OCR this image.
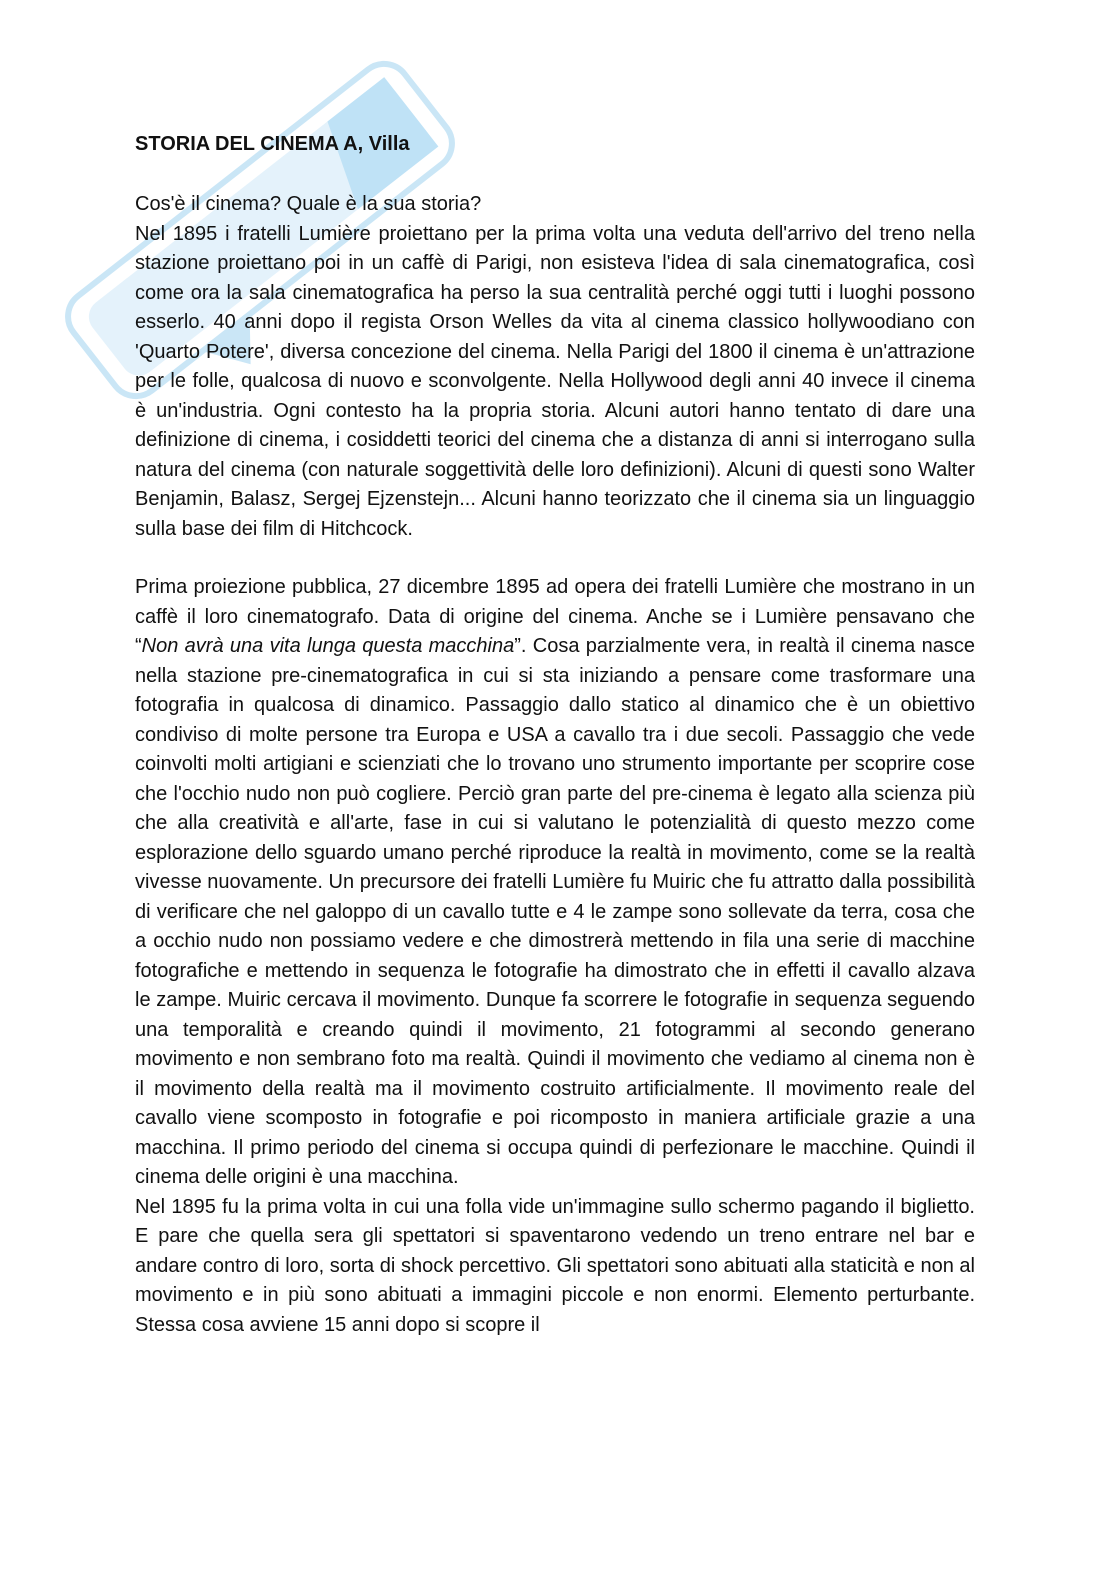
STORIA DEL CINEMA A, Villa

Cos'è il cinema? Quale è la sua storia?

Nel 1895 i fratelli Lumière proiettano per la prima volta una veduta dell'arrivo del treno nella stazione proiettano poi in un caffè di Parigi, non esisteva l'idea di sala cinematografica, così come ora la sala cinematografica ha perso la sua centralità perché oggi tutti i luoghi possono esserlo. 40 anni dopo il regista Orson Welles da vita al cinema classico hollywoodiano con 'Quarto Potere', diversa concezione del cinema. Nella Parigi del 1800 il cinema è un'attrazione per le folle, qualcosa di nuovo e sconvolgente. Nella Hollywood degli anni 40 invece il cinema è un'industria. Ogni contesto ha la propria storia. Alcuni autori hanno tentato di dare una definizione di cinema, i cosiddetti teorici del cinema che a distanza di anni si interrogano sulla natura del cinema (con naturale soggettività delle loro definizioni). Alcuni di questi sono Walter Benjamin, Balasz, Sergej Ejzenstejn... Alcuni hanno teorizzato che il cinema sia un linguaggio sulla base dei film di Hitchcock.

Prima proiezione pubblica, 27 dicembre 1895 ad opera dei fratelli Lumière che mostrano in un caffè il loro cinematografo. Data di origine del cinema. Anche se i Lumière pensavano che “Non avrà una vita lunga questa macchina”. Cosa parzialmente vera, in realtà il cinema nasce nella stazione pre-cinematografica in cui si sta iniziando a pensare come trasformare una fotografia in qualcosa di dinamico. Passaggio dallo statico al dinamico che è un obiettivo condiviso di molte persone tra Europa e USA a cavallo tra i due secoli. Passaggio che vede coinvolti molti artigiani e scienziati che lo trovano uno strumento importante per scoprire cose che l'occhio nudo non può cogliere. Perciò gran parte del pre-cinema è legato alla scienza più che alla creatività e all'arte, fase in cui si valutano le potenzialità di questo mezzo come esplorazione dello sguardo umano perché riproduce la realtà in movimento, come se la realtà vivesse nuovamente. Un precursore dei fratelli Lumière fu Muiric che fu attratto dalla possibilità di verificare che nel galoppo di un cavallo tutte e 4 le zampe sono sollevate da terra, cosa che a occhio nudo non possiamo vedere e che dimostrerà mettendo in fila una serie di macchine fotografiche e mettendo in sequenza le fotografie ha dimostrato che in effetti il cavallo alzava le zampe. Muiric cercava il movimento. Dunque fa scorrere le fotografie in sequenza seguendo una temporalità e creando quindi il movimento, 21 fotogrammi al secondo generano movimento e non sembrano foto ma realtà. Quindi il movimento che vediamo al cinema non è il movimento della realtà ma il movimento costruito artificialmente. Il movimento reale del cavallo viene scomposto in fotografie e poi ricomposto in maniera artificiale grazie a una macchina. Il primo periodo del cinema si occupa quindi di perfezionare le macchine. Quindi il cinema delle origini è una macchina.

Nel 1895 fu la prima volta in cui una folla vide un'immagine sullo schermo pagando il biglietto. E pare che quella sera gli spettatori si spaventarono vedendo un treno entrare nel bar e andare contro di loro, sorta di shock percettivo. Gli spettatori sono abituati alla staticità e non al movimento e in più sono abituati a immagini piccole e non enormi. Elemento perturbante. Stessa cosa avviene 15 anni dopo si scopre il
